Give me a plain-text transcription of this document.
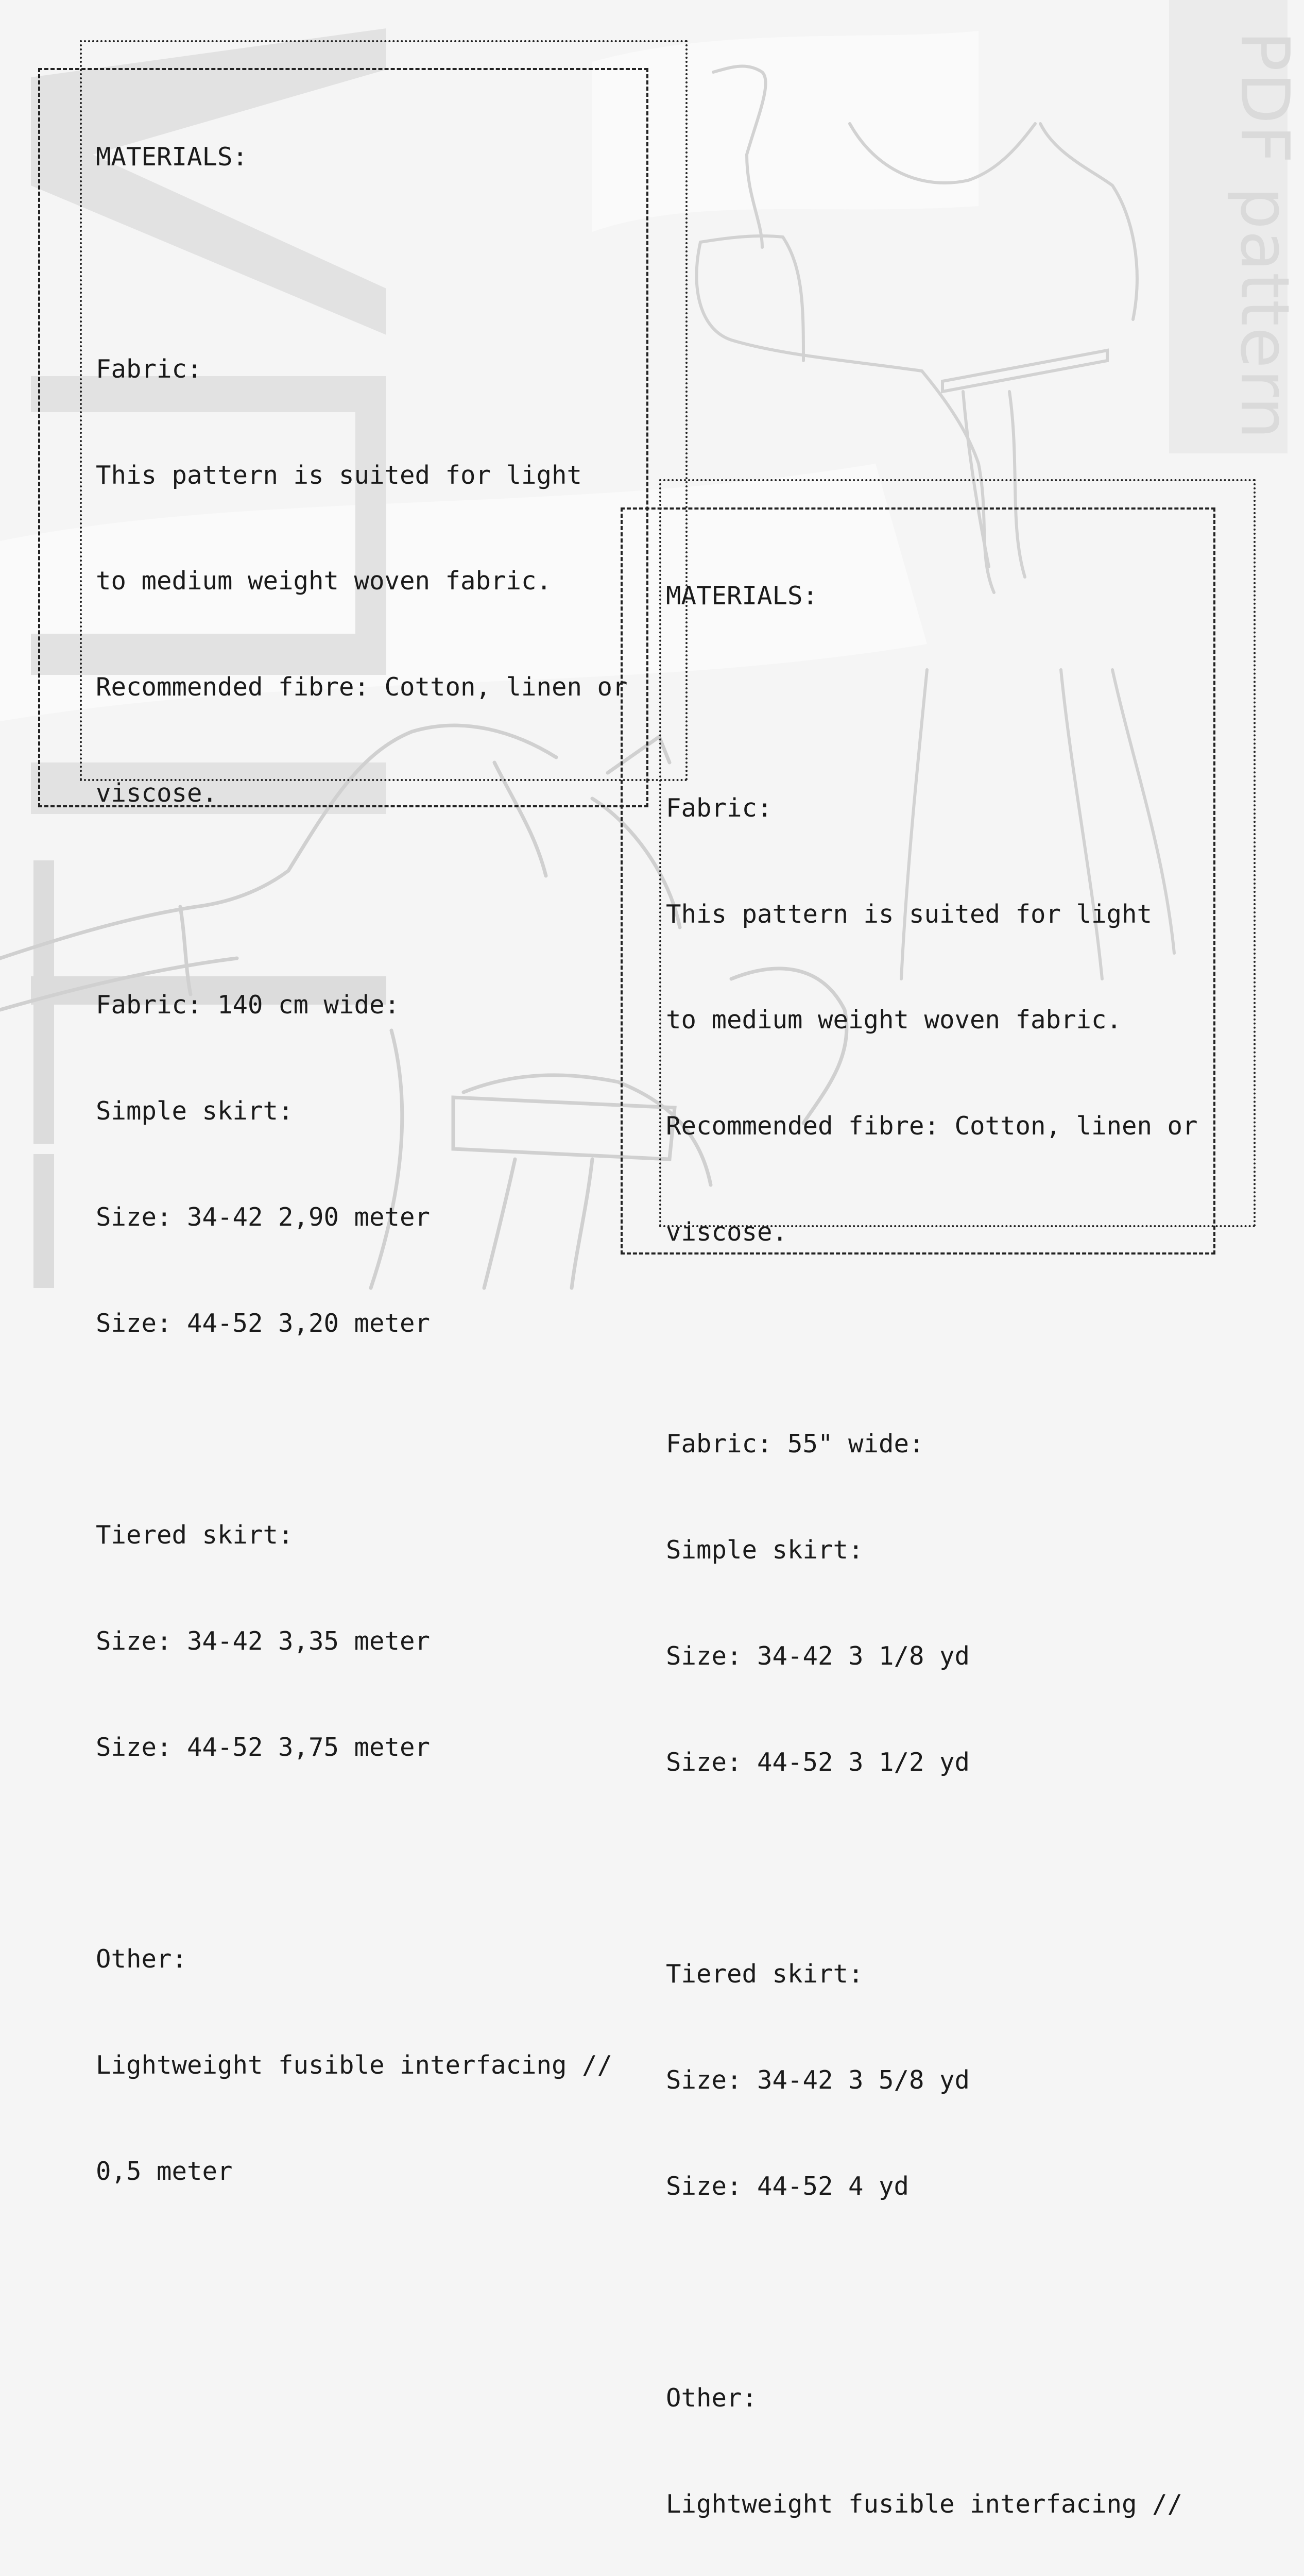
PDF pattern

MATERIALS:

Fabric:

This pattern is suited for light

to medium weight woven fabric.

Recommended fibre: Cotton, linen or

viscose.

Fabric: 140 cm wide:

Simple skirt:

Size: 34-42 2,90 meter

Size: 44-52 3,20 meter

Tiered skirt:

Size: 34-42 3,35 meter

Size: 44-52 3,75 meter

Other:

Lightweight fusible interfacing //

0,5 meter

MATERIALS:

Fabric:

This pattern is suited for light

to medium weight woven fabric.

Recommended fibre: Cotton, linen or

viscose.

Fabric: 55" wide:

Simple skirt:

Size: 34-42 3 1/8 yd

Size: 44-52 3 1/2 yd

Tiered skirt:

Size: 34-42 3 5/8 yd

Size: 44-52 4 yd

Other:

Lightweight fusible interfacing //
